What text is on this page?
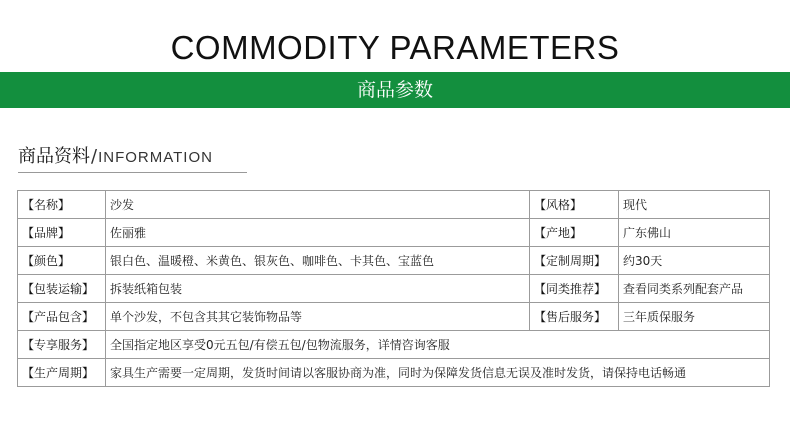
COMMODITY PARAMETERS
商品参数
商品资料/INFORMATION
【名称】	沙发	【风格】	现代
【品牌】	佐丽雅	【产地】	广东佛山
【颜色】	银白色、温暖橙、米黄色、银灰色、咖啡色、卡其色、宝蓝色	【定制周期】	约30天
【包装运输】	拆装纸箱包装	【同类推荐】	查看同类系列配套产品
【产品包含】	单个沙发，不包含其其它装饰物品等	【售后服务】	三年质保服务
【专享服务】	全国指定地区享受0元五包/有偿五包/包物流服务，详情咨询客服		
【生产周期】	家具生产需要一定周期，发货时间请以客服协商为准，同时为保障发货信息无误及准时发货，请保持电话畅通		
